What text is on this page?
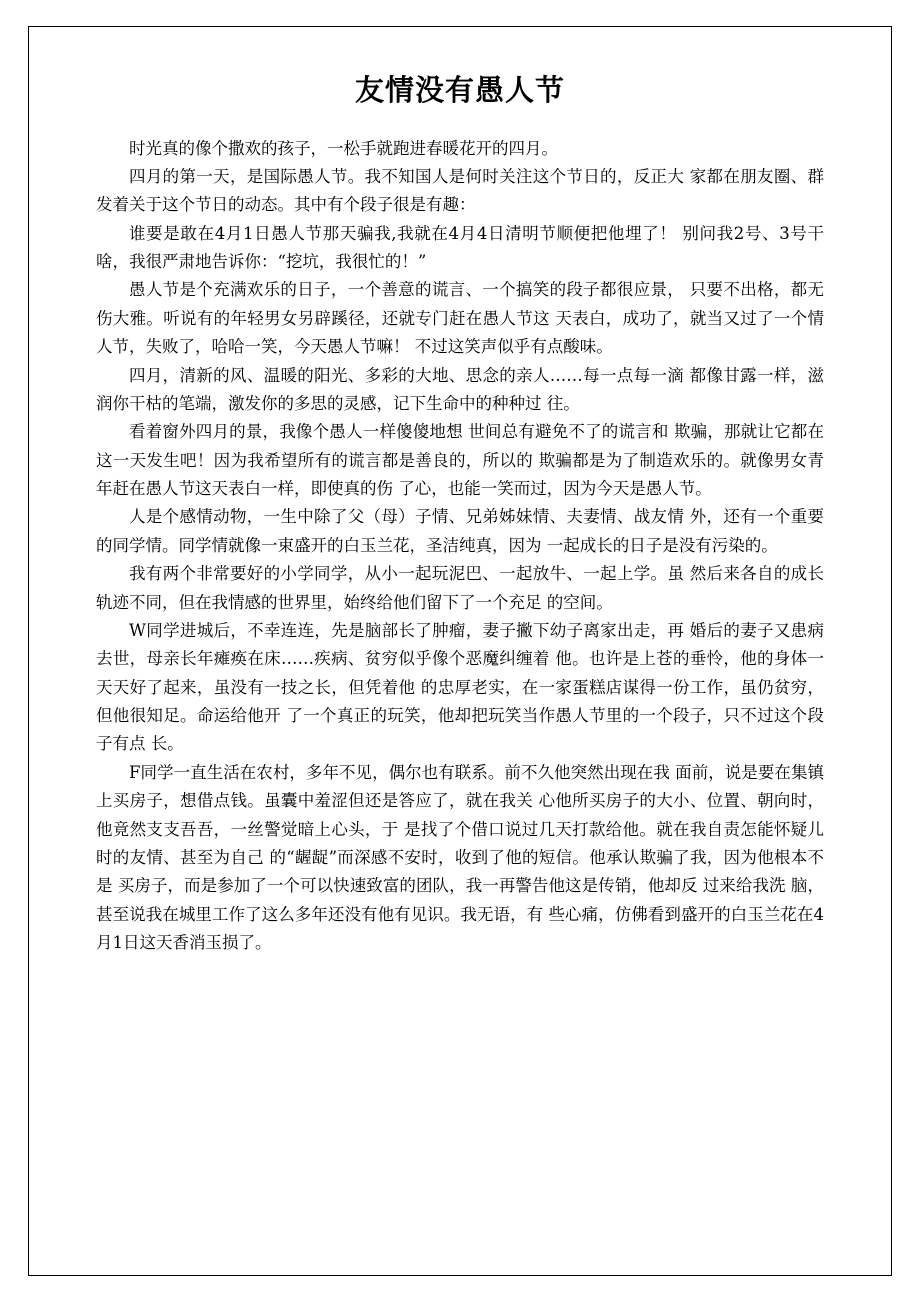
友情没有愚人节

时光真的像个撒欢的孩子，一松手就跑进春暖花开的四月。

四月的第一天，是国际愚人节。我不知国人是何时关注这个节日的，反正大 家都在朋友圈、群发着关于这个节日的动态。其中有个段子很是有趣：

谁要是敢在4月1日愚人节那天骗我,我就在4月4日清明节顺便把他埋了！ 别问我2号、3号干啥，我很严肃地告诉你：“挖坑，我很忙的！”

愚人节是个充满欢乐的日子，一个善意的谎言、一个搞笑的段子都很应景， 只要不出格，都无伤大雅。听说有的年轻男女另辟蹊径，还就专门赶在愚人节这 天表白，成功了，就当又过了一个情人节，失败了，哈哈一笑，今天愚人节嘛！ 不过这笑声似乎有点酸味。

四月，清新的风、温暖的阳光、多彩的大地、思念的亲人……每一点每一滴 都像甘露一样，滋润你干枯的笔端，激发你的多思的灵感，记下生命中的种种过 往。

看着窗外四月的景，我像个愚人一样傻傻地想 世间总有避免不了的谎言和 欺骗，那就让它都在这一天发生吧！因为我希望所有的谎言都是善良的，所以的 欺骗都是为了制造欢乐的。就像男女青年赶在愚人节这天表白一样，即使真的伤 了心，也能一笑而过，因为今天是愚人节。

人是个感情动物，一生中除了父（母）子情、兄弟姊妹情、夫妻情、战友情 外，还有一个重要的同学情。同学情就像一束盛开的白玉兰花，圣洁纯真，因为 一起成长的日子是没有污染的。

我有两个非常要好的小学同学，从小一起玩泥巴、一起放牛、一起上学。虽 然后来各自的成长轨迹不同，但在我情感的世界里，始终给他们留下了一个充足 的空间。

W同学进城后，不幸连连，先是脑部长了肿瘤，妻子撇下幼子离家出走，再 婚后的妻子又患病去世，母亲长年瘫痪在床……疾病、贫穷似乎像个恶魔纠缠着 他。也许是上苍的垂怜，他的身体一天天好了起来，虽没有一技之长，但凭着他 的忠厚老实，在一家蛋糕店谋得一份工作，虽仍贫穷，但他很知足。命运给他开 了一个真正的玩笑，他却把玩笑当作愚人节里的一个段子，只不过这个段子有点 长。

F同学一直生活在农村，多年不见，偶尔也有联系。前不久他突然出现在我 面前，说是要在集镇上买房子，想借点钱。虽囊中羞涩但还是答应了，就在我关 心他所买房子的大小、位置、朝向时，他竟然支支吾吾，一丝警觉暗上心头，于 是找了个借口说过几天打款给他。就在我自责怎能怀疑儿时的友情、甚至为自己 的“龌龊”而深感不安时，收到了他的短信。他承认欺骗了我，因为他根本不是 买房子，而是参加了一个可以快速致富的团队，我一再警告他这是传销，他却反 过来给我洗 脑，甚至说我在城里工作了这么多年还没有他有见识。我无语，有 些心痛，仿佛看到盛开的白玉兰花在4月1日这天香消玉损了。
